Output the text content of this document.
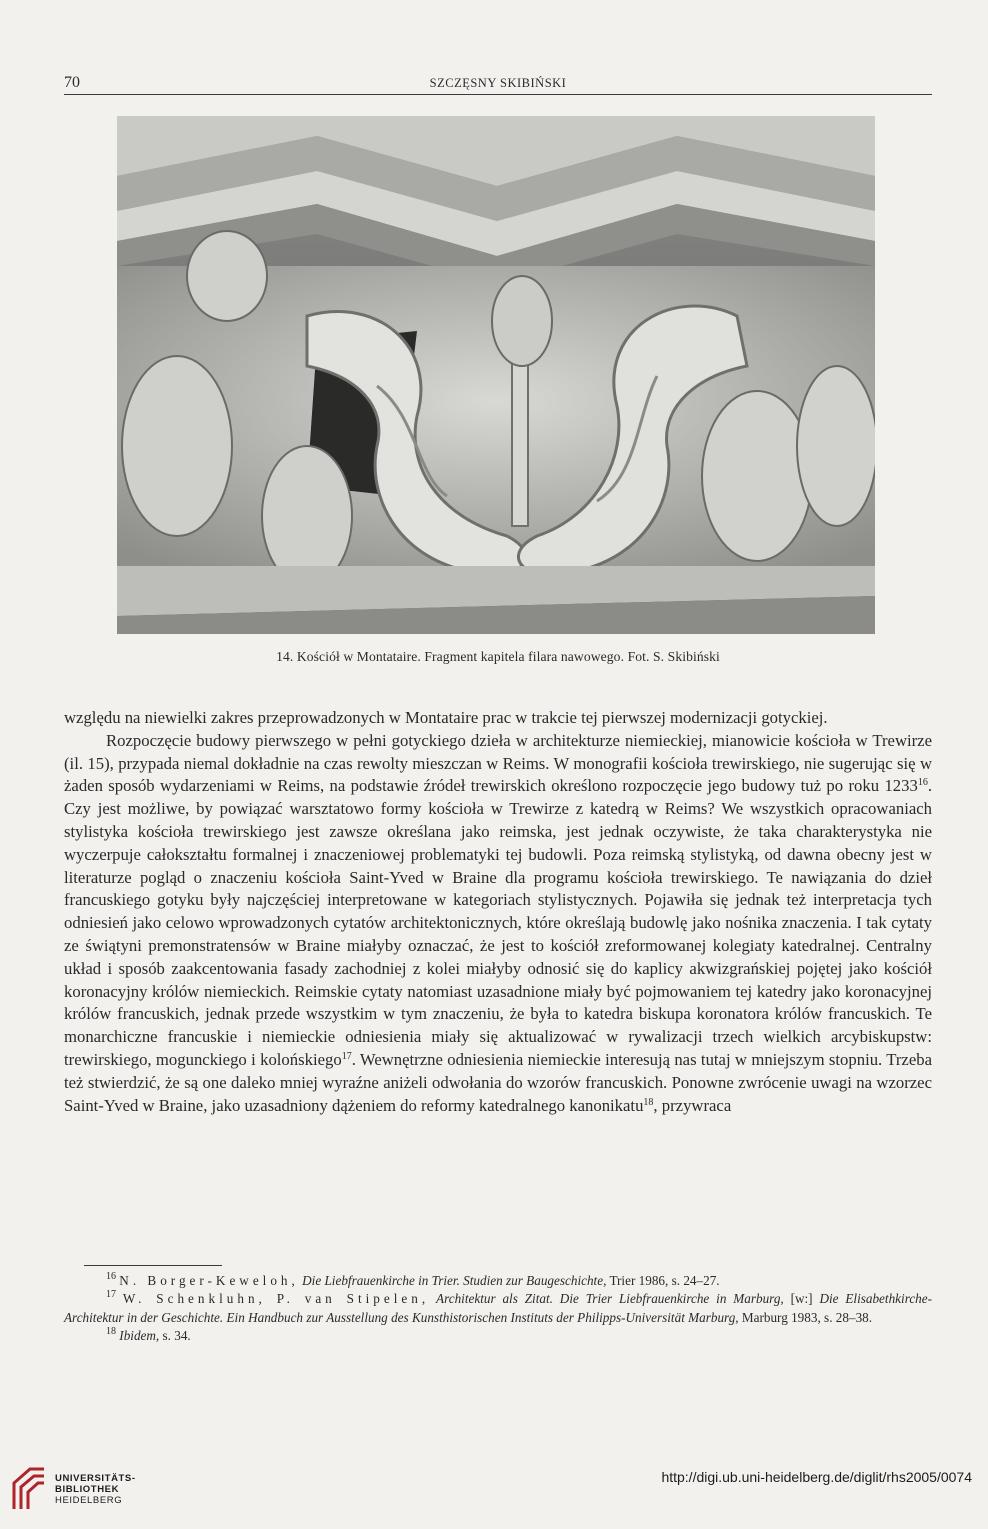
70	SZCZĘSNY SKIBIŃSKI
14. Kościół w Montataire. Fragment kapitela filara nawowego. Fot. S. Skibiński

względu na niewielki zakres przeprowadzonych w Montataire prac w trakcie tej pierwszej modernizacji gotyckiej.

Rozpoczęcie budowy pierwszego w pełni gotyckiego dzieła w architekturze niemieckiej, mianowicie kościoła w Trewirze (il. 15), przypada niemal dokładnie na czas rewolty mieszczan w Reims. W monografii kościoła trewirskiego, nie sugerując się w żaden sposób wydarzeniami w Reims, na podstawie źródeł trewirskich określono rozpoczęcie jego budowy tuż po roku 1233$^{16}$. Czy jest możliwe, by powiązać warsztatowo formy kościoła w Trewirze z katedrą w Reims? We wszystkich opracowaniach stylistyka kościoła trewirskiego jest zawsze określana jako reimska, jest jednak oczywiste, że taka charakterystyka nie wyczerpuje całokształtu formalnej i znaczeniowej problematyki tej budowli. Poza reimską stylistyką, od dawna obecny jest w literaturze pogląd o znaczeniu kościoła Saint-Yved w Braine dla programu kościoła trewirskiego. Te nawiązania do dzieł francuskiego gotyku były najczęściej interpretowane w kategoriach stylistycznych. Pojawiła się jednak też interpretacja tych odniesień jako celowo wprowadzonych cytatów architektonicznych, które określają budowlę jako nośnika znaczenia. I tak cytaty ze świątyni premonstratensów w Braine miałyby oznaczać, że jest to kościół zreformowanej kolegiaty katedralnej. Centralny układ i sposób zaakcentowania fasady zachodniej z kolei miałyby odnosić się do kaplicy akwizgrańskiej pojętej jako kościół koronacyjny królów niemieckich. Reimskie cytaty natomiast uzasadnione miały być pojmowaniem tej katedry jako koronacyjnej królów francuskich, jednak przede wszystkim w tym znaczeniu, że była to katedra biskupa koronatora królów francuskich. Te monarchiczne francuskie i niemieckie odniesienia miały się aktualizować w rywalizacji trzech wielkich arcybiskupstw: trewirskiego, mogunckiego i kolońskiego$^{17}$. Wewnętrzne odniesienia niemieckie interesują nas tutaj w mniejszym stopniu. Trzeba też stwierdzić, że są one daleko mniej wyraźne aniżeli odwołania do wzorów francuskich. Ponowne zwrócenie uwagi na wzorzec Saint-Yved w Braine, jako uzasadniony dążeniem do reformy katedralnego kanonikatu$^{18}$, przywraca

$^{16}$ N. Borger-Keweloh, Die Liebfrauenkirche in Trier. Studien zur Baugeschichte, Trier 1986, s. 24–27.

$^{17}$ W. Schenkluhn, P. van Stipelen, Architektur als Zitat. Die Trier Liebfrauenkirche in Marburg, [w:] Die Elisabethkirche-Architektur in der Geschichte. Ein Handbuch zur Ausstellung des Kunsthistorischen Instituts der Philipps-Universität Marburg, Marburg 1983, s. 28–38.

$^{18}$ Ibidem, s. 34.

UNIVERSITÄTS-
BIBLIOTHEK
HEIDELBERG
http://digi.ub.uni-heidelberg.de/diglit/rhs2005/0074
